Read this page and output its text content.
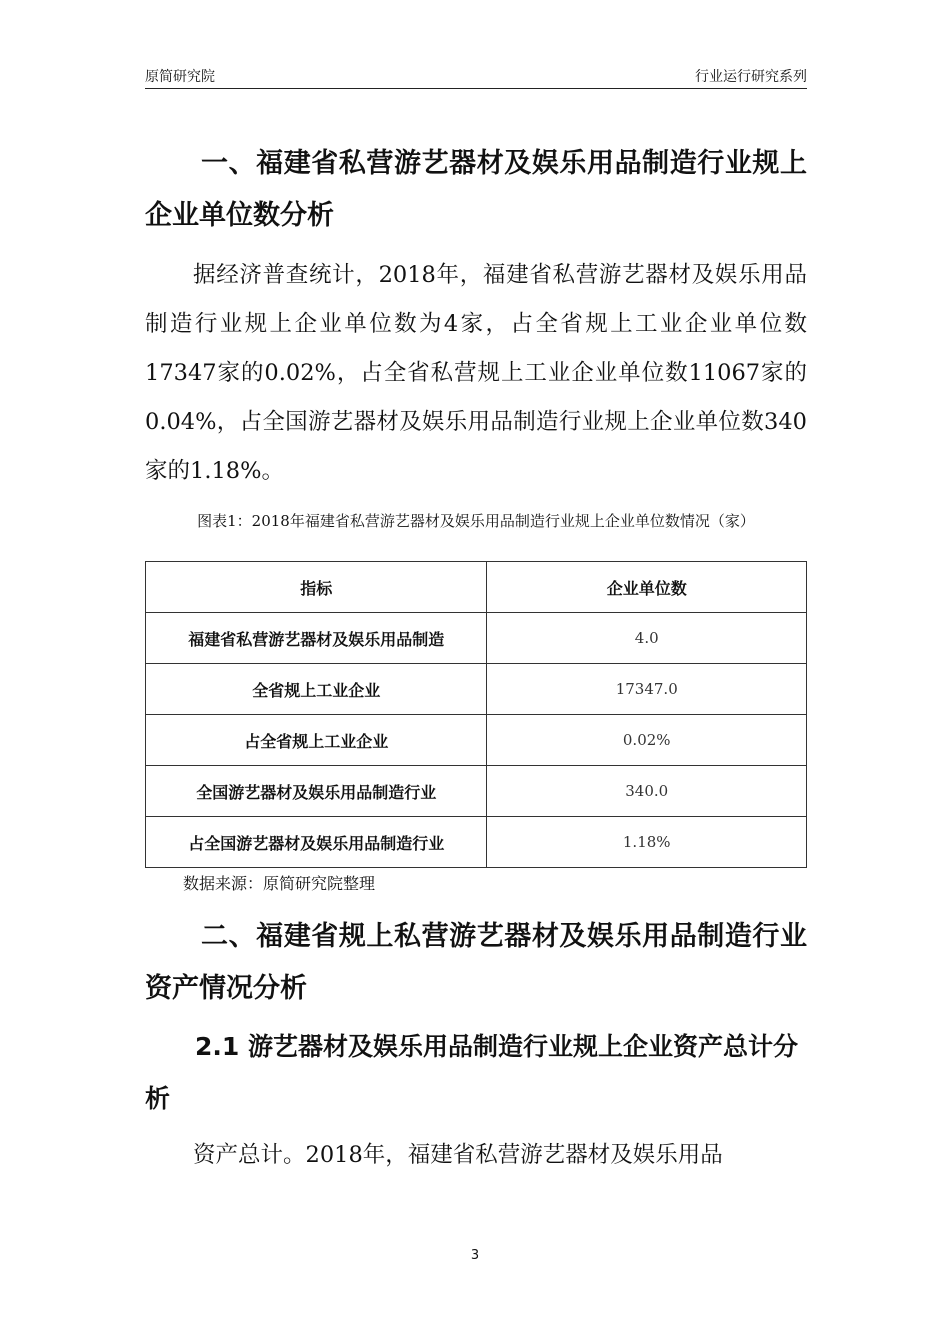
原简研究院	行业运行研究系列
一、福建省私营游艺器材及娱乐用品制造行业规上企业单位数分析

据经济普查统计，2018年，福建省私营游艺器材及娱乐用品制造行业规上企业单位数为4家，占全省规上工业企业单位数17347家的0.02%，占全省私营规上工业企业单位数11067家的0.04%，占全国游艺器材及娱乐用品制造行业规上企业单位数340家的1.18%。

图表1：2018年福建省私营游艺器材及娱乐用品制造行业规上企业单位数情况（家）
指标	企业单位数
福建省私营游艺器材及娱乐用品制造	4.0
全省规上工业企业	17347.0
占全省规上工业企业	0.02%
全国游艺器材及娱乐用品制造行业	340.0
占全国游艺器材及娱乐用品制造行业	1.18%
数据来源：原简研究院整理
二、福建省规上私营游艺器材及娱乐用品制造行业资产情况分析
2.1 游艺器材及娱乐用品制造行业规上企业资产总计分析

资产总计。2018年，福建省私营游艺器材及娱乐用品

3
